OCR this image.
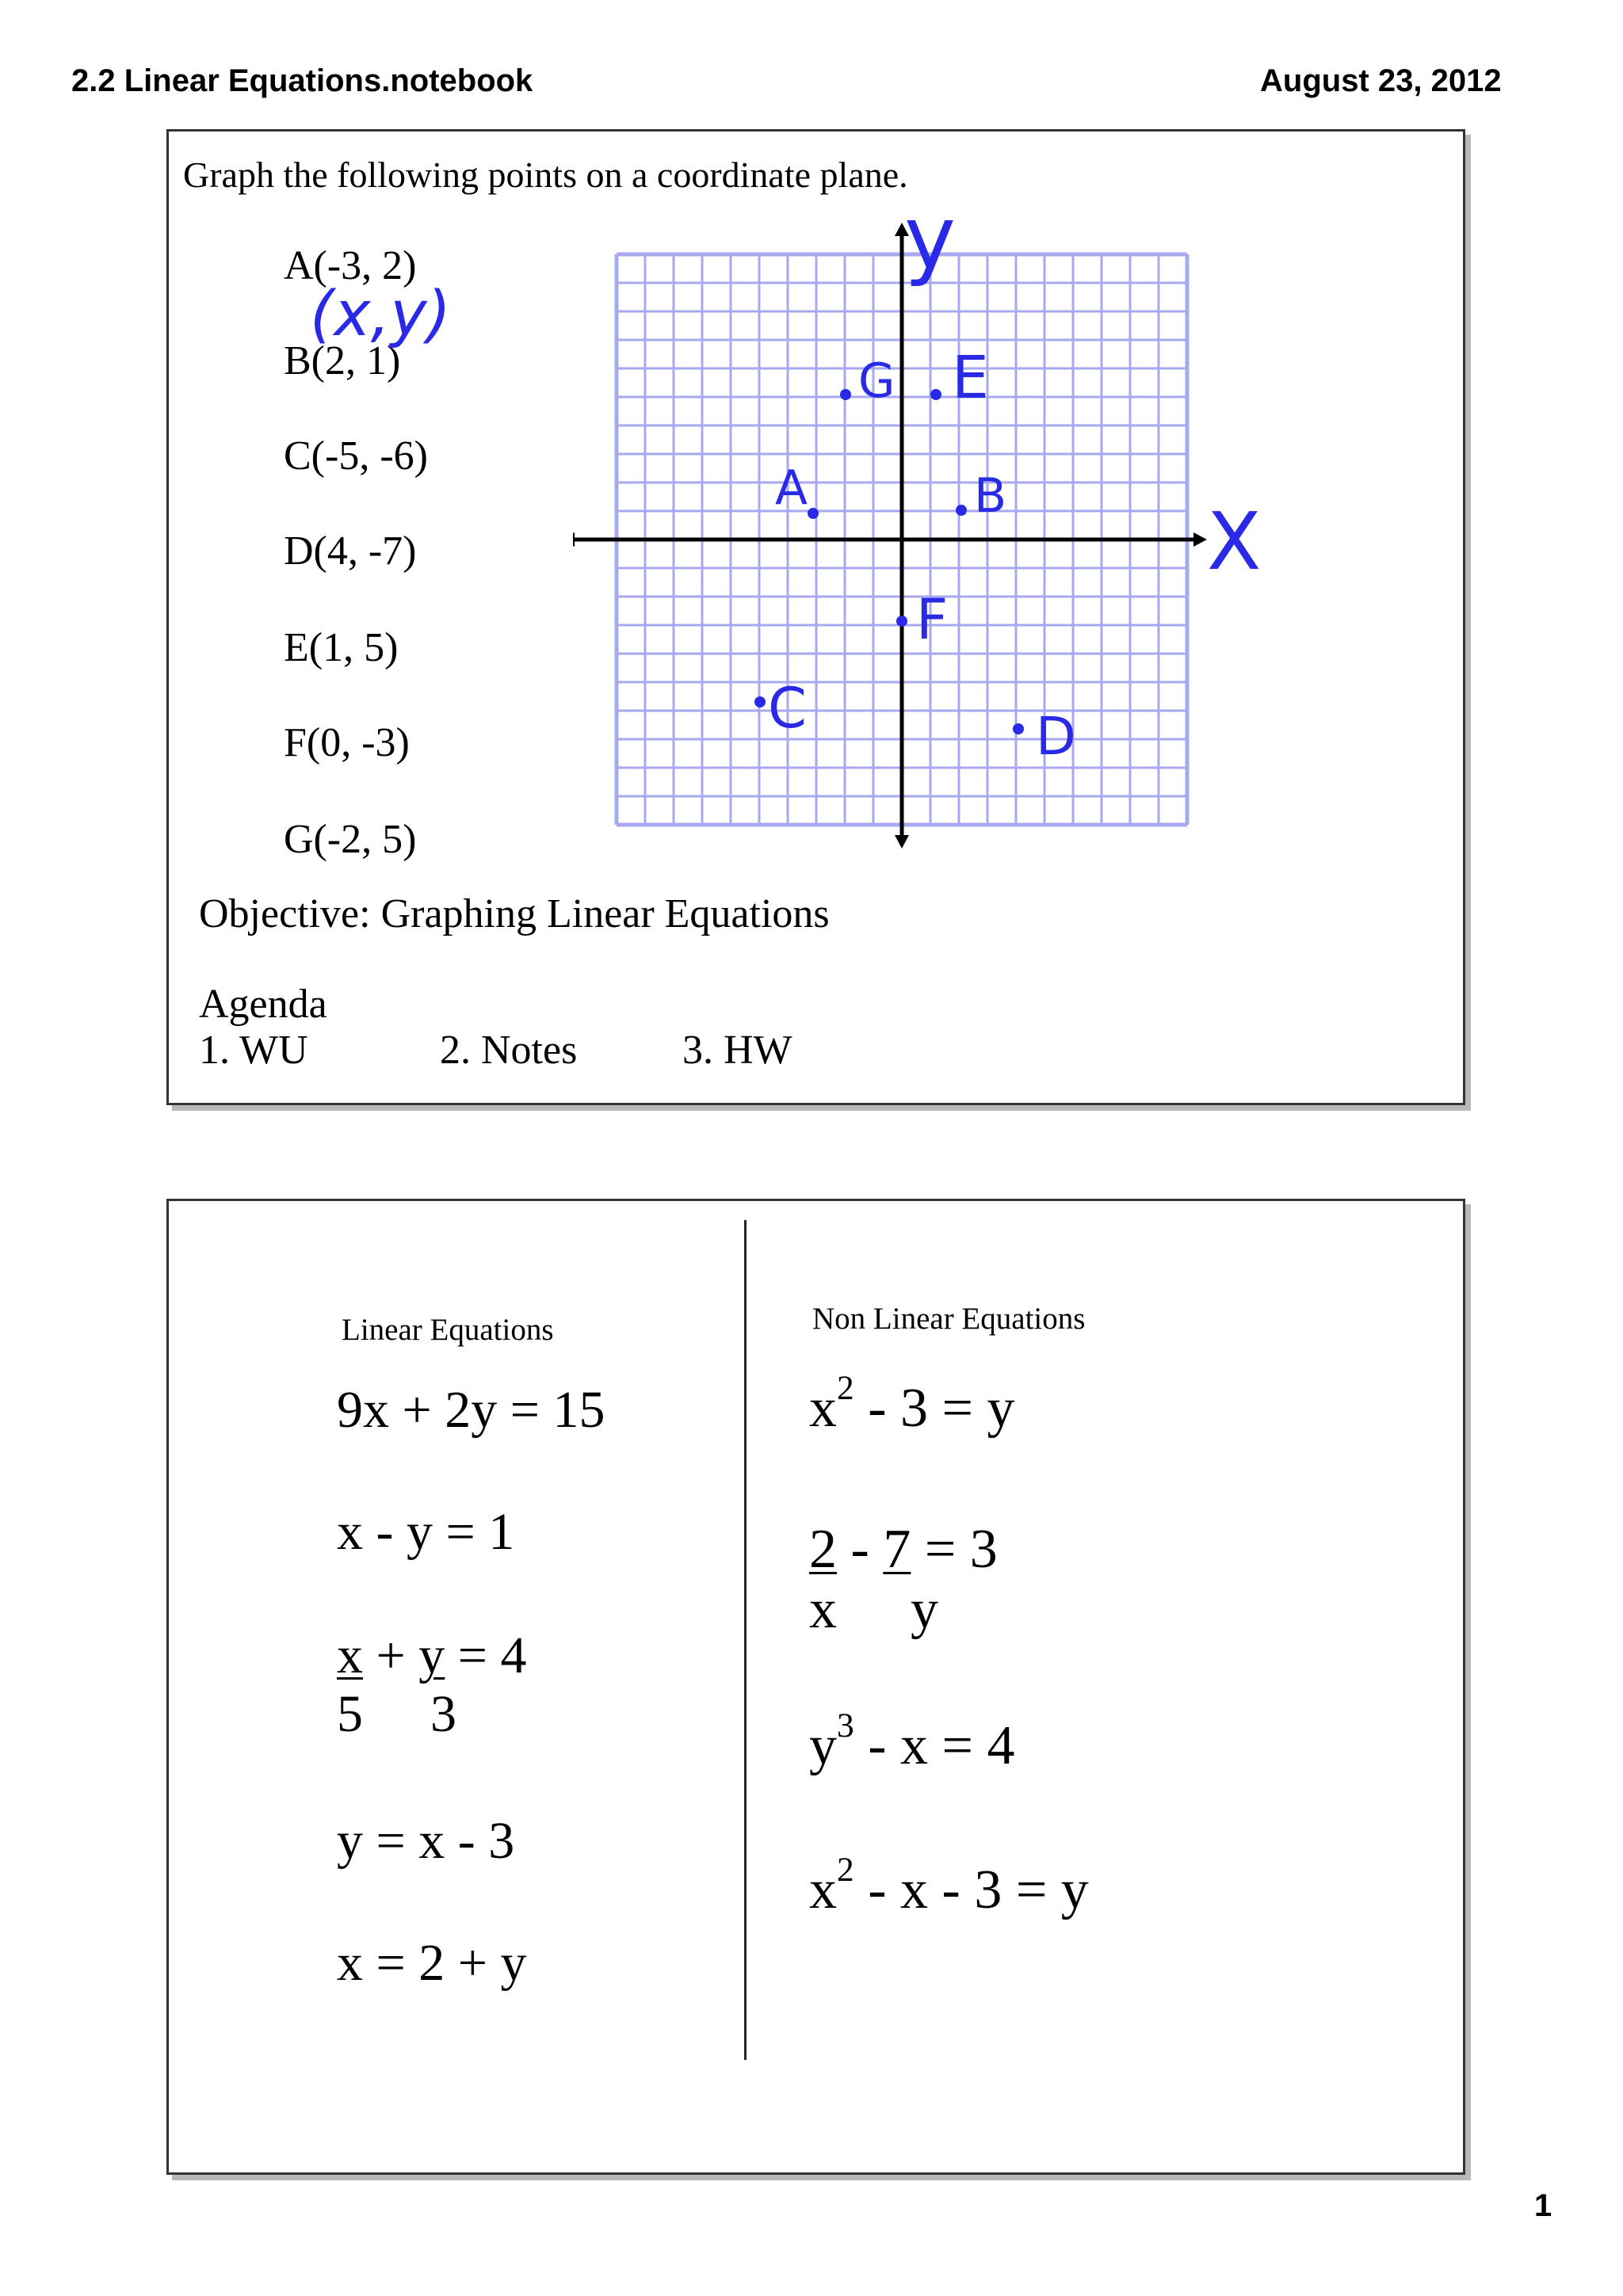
2.2 Linear Equations.notebook	August 23, 2012
Graph the following points on a coordinate plane.
A(-3, 2)
B(2, 1)
C(-5, -6)
D(4, -7)
E(1, 5)
F(0, -3)
G(-2, 5)
Objective: Graphing Linear Equations
Agenda
1. WU	2. Notes	3. HW
(x,y)
y
X
A	B
C	D
E
F
G
Linear Equations	Non Linear Equations
9x + 2y = 15
x - y = 1
x + y = 4
5 3
y = x - 3
x = 2 + y
$x^2 - 3 = y$
2 - 7 = 3
x y
$y^3 - x = 4$
$x^2 - x - 3 = y$
1
